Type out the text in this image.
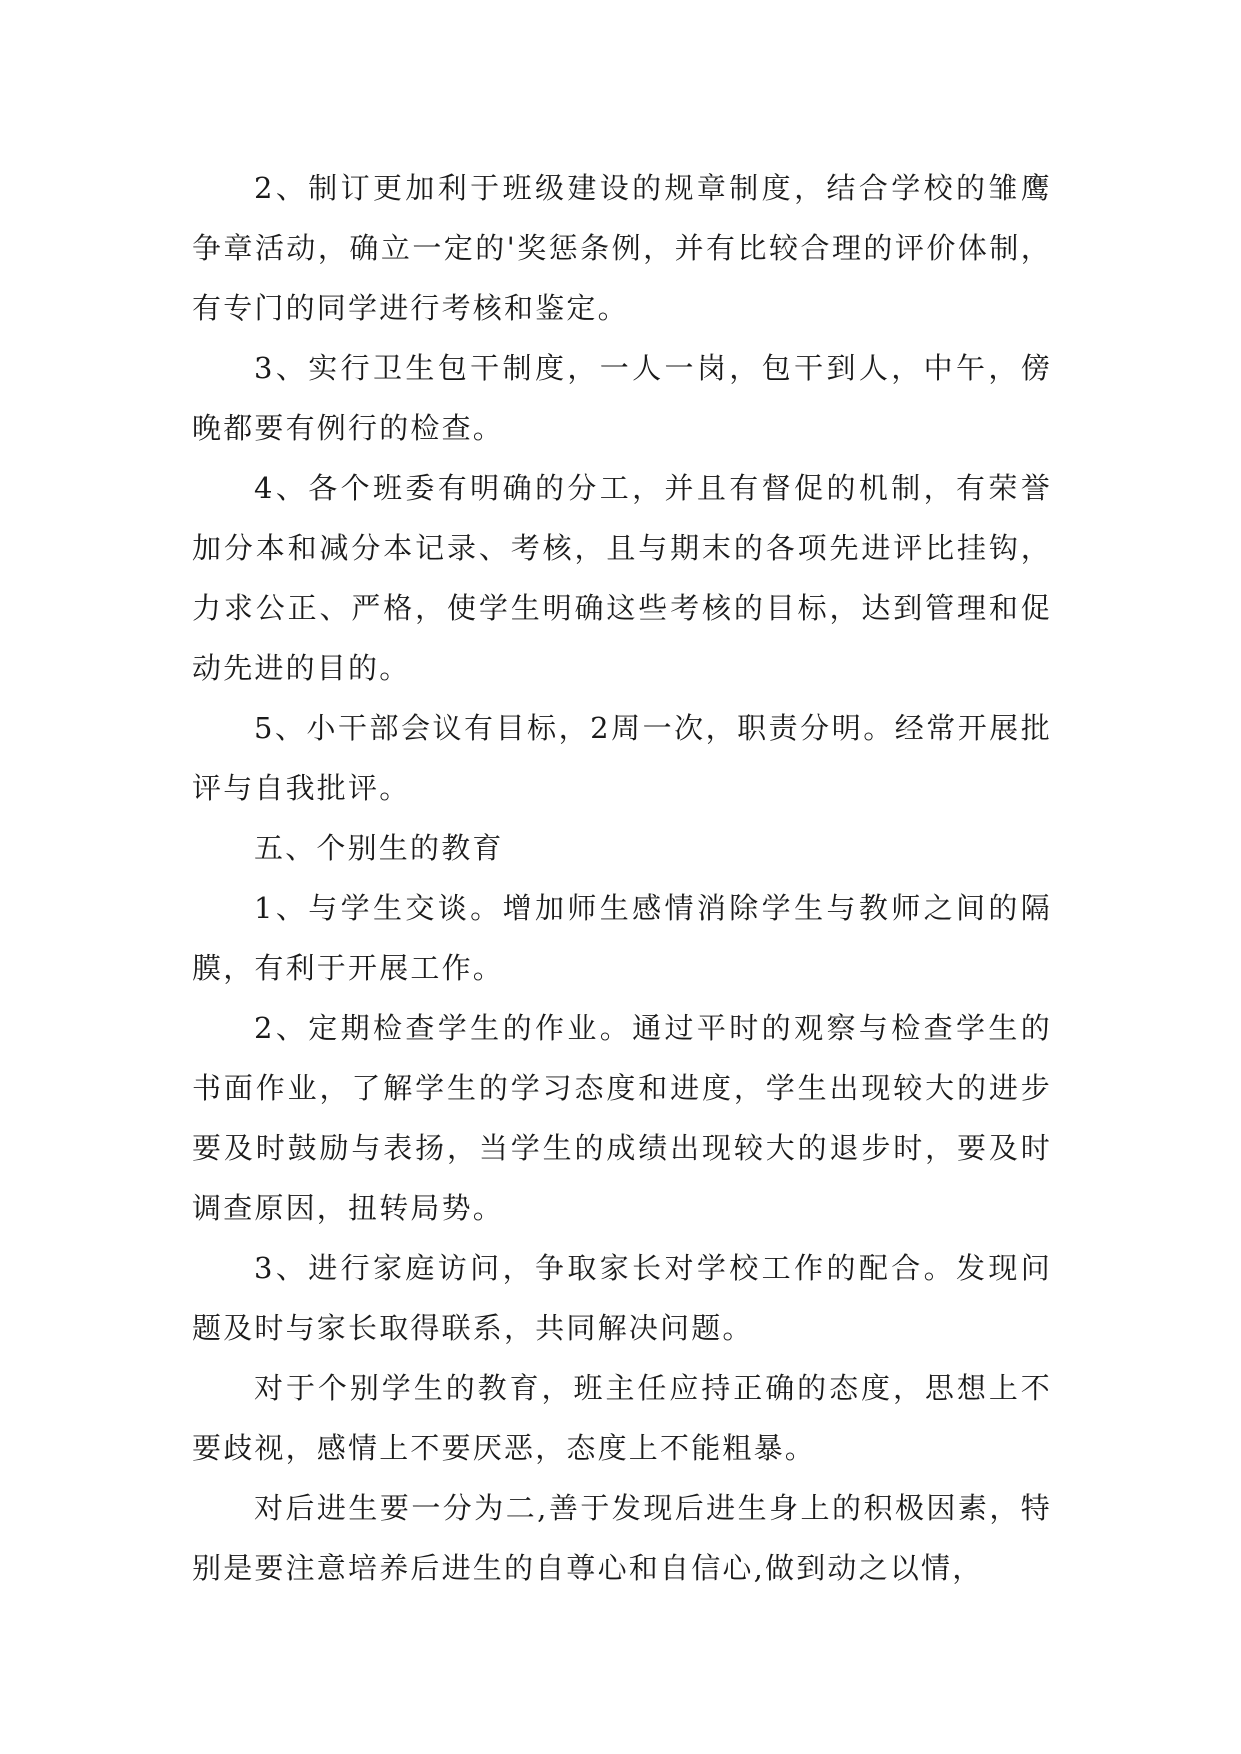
2、制订更加利于班级建设的规章制度，结合学校的雏鹰争章活动，确立一定的'奖惩条例，并有比较合理的评价体制，有专门的同学进行考核和鉴定。

3、实行卫生包干制度，一人一岗，包干到人，中午，傍晚都要有例行的检查。

4、各个班委有明确的分工，并且有督促的机制，有荣誉加分本和减分本记录、考核，且与期末的各项先进评比挂钩，力求公正、严格，使学生明确这些考核的目标，达到管理和促动先进的目的。

5、小干部会议有目标，2周一次，职责分明。经常开展批评与自我批评。

五、个别生的教育

1、与学生交谈。增加师生感情消除学生与教师之间的隔膜，有利于开展工作。

2、定期检查学生的作业。通过平时的观察与检查学生的书面作业，了解学生的学习态度和进度，学生出现较大的进步要及时鼓励与表扬，当学生的成绩出现较大的退步时，要及时调查原因，扭转局势。

3、进行家庭访问，争取家长对学校工作的配合。发现问题及时与家长取得联系，共同解决问题。

对于个别学生的教育，班主任应持正确的态度，思想上不要歧视，感情上不要厌恶，态度上不能粗暴。

对后进生要一分为二,善于发现后进生身上的积极因素，特别是要注意培养后进生的自尊心和自信心,做到动之以情，
